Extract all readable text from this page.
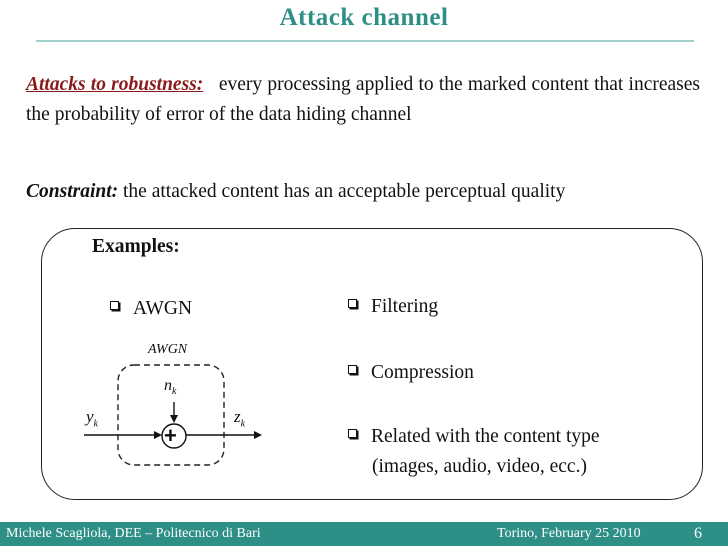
Attack channel
Attacks to robustness: every processing applied to the marked content that increases the probability of error of the data hiding channel
Constraint: the attacked content has an acceptable perceptual quality
Examples:
AWGN	Filtering
Compression
Related with the content type
(images, audio, video, ecc.)
+
AWGN
$n_k$
$y_k$	$z_k$
Michele Scagliola, DEE – Politecnico di Bari	Torino, February 25 2010	6
